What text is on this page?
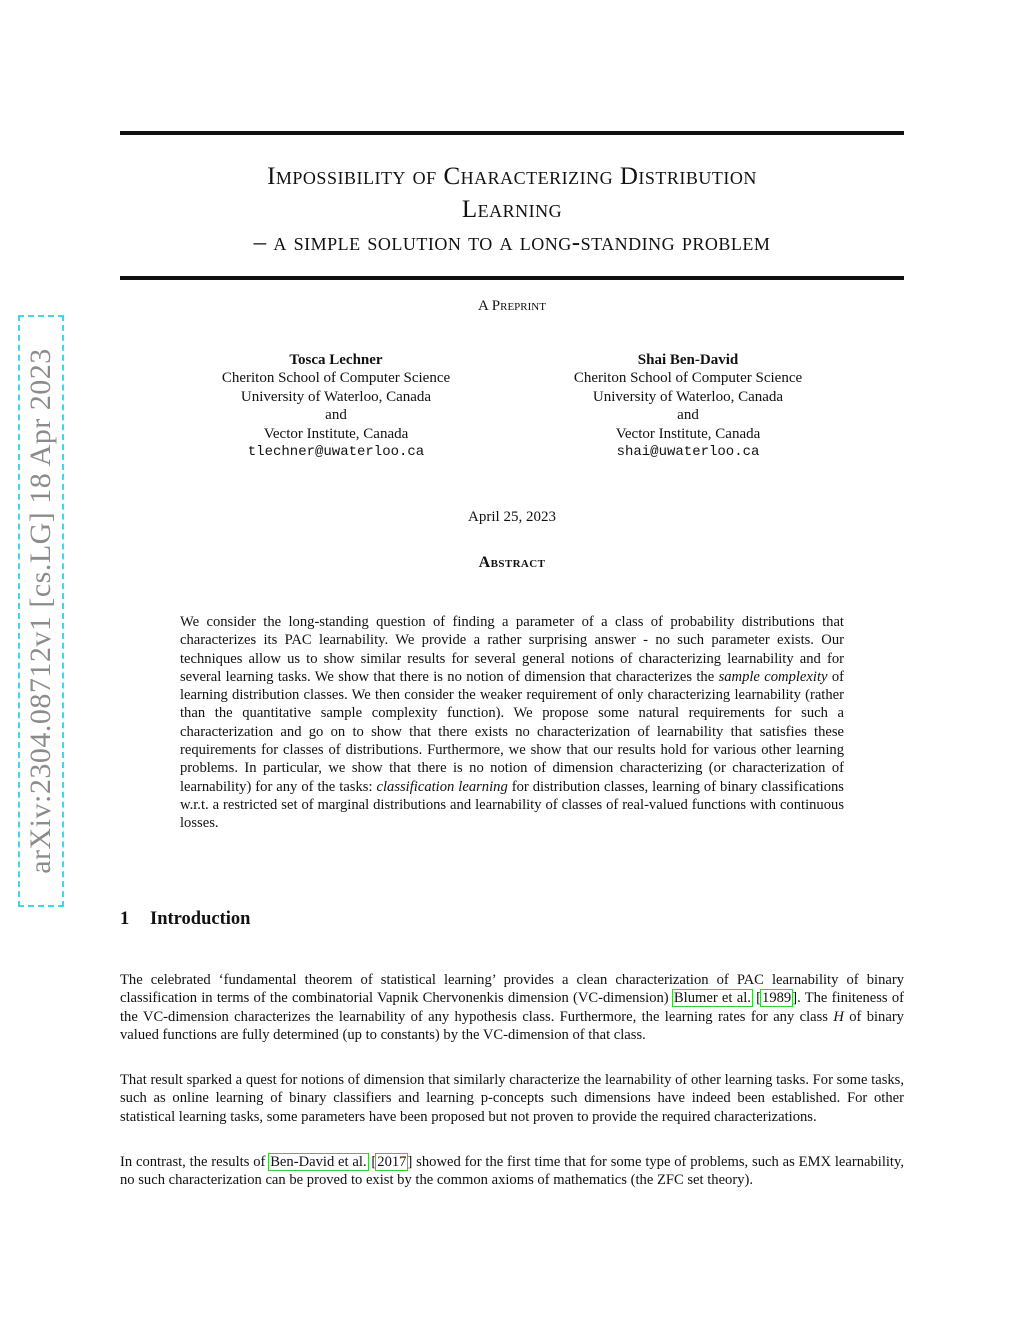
arXiv:2304.08712v1 [cs.LG] 18 Apr 2023
Impossibility of Characterizing Distribution
Learning
– a simple solution to a long-standing problem
A Preprint
Tosca Lechner
Cheriton School of Computer Science
University of Waterloo, Canada
and
Vector Institute, Canada
tlechner@uwaterloo.ca
Shai Ben-David
Cheriton School of Computer Science
University of Waterloo, Canada
and
Vector Institute, Canada
shai@uwaterloo.ca
April 25, 2023
Abstract
We consider the long-standing question of finding a parameter of a class of probability distributions that characterizes its PAC learnability. We provide a rather surprising answer - no such parameter exists. Our techniques allow us to show similar results for several general notions of characterizing learnability and for several learning tasks. We show that there is no notion of dimension that characterizes the sample complexity of learning distribution classes. We then consider the weaker requirement of only characterizing learnability (rather than the quantitative sample complexity function). We propose some natural requirements for such a characterization and go on to show that there exists no characterization of learnability that satisfies these requirements for classes of distributions. Furthermore, we show that our results hold for various other learning problems. In particular, we show that there is no notion of dimension characterizing (or characterization of learnability) for any of the tasks: classification learning for distribution classes, learning of binary classifications w.r.t. a restricted set of marginal distributions and learnability of classes of real-valued functions with continuous losses.
1 Introduction

The celebrated ‘fundamental theorem of statistical learning’ provides a clean characterization of PAC learnability of binary classification in terms of the combinatorial Vapnik Chervonenkis dimension (VC-dimension) Blumer et al. [1989]. The finiteness of the VC-dimension characterizes the learnability of any hypothesis class. Furthermore, the learning rates for any class H of binary valued functions are fully determined (up to constants) by the VC-dimension of that class.

That result sparked a quest for notions of dimension that similarly characterize the learnability of other learning tasks. For some tasks, such as online learning of binary classifiers and learning p-concepts such dimensions have indeed been established. For other statistical learning tasks, some parameters have been proposed but not proven to provide the required characterizations.

In contrast, the results of Ben-David et al. [2017] showed for the first time that for some type of problems, such as EMX learnability, no such characterization can be proved to exist by the common axioms of mathematics (the ZFC set theory).
